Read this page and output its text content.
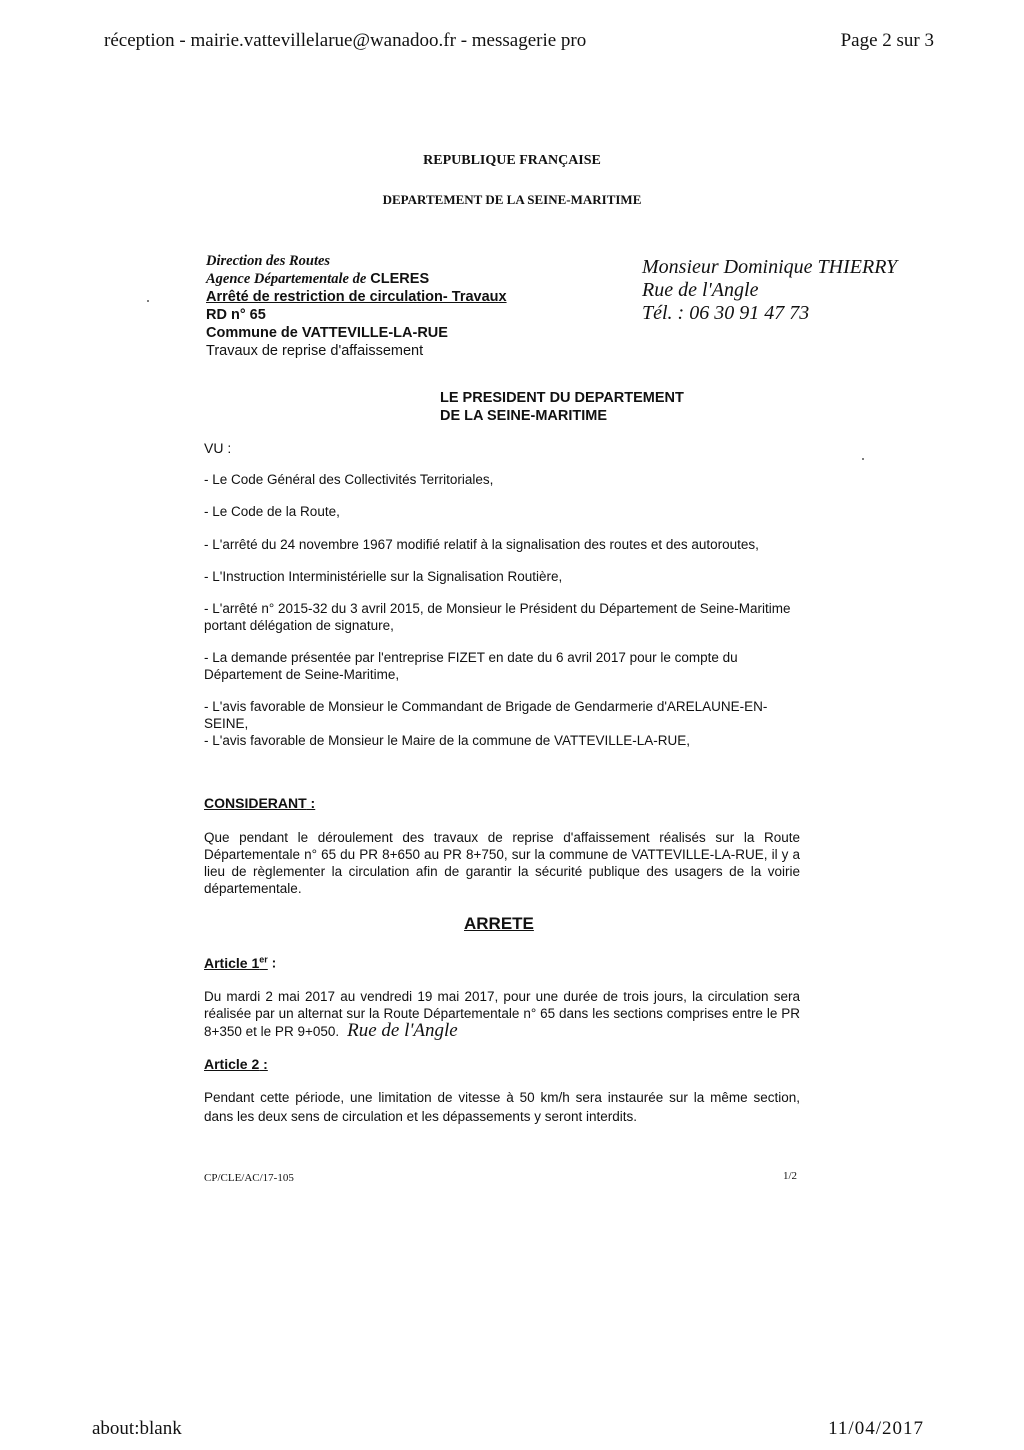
réception - mairie.vattevillelarue@wanadoo.fr - messagerie pro	Page 2 sur 3
REPUBLIQUE FRANÇAISE
DEPARTEMENT DE LA SEINE-MARITIME
Direction des Routes
Agence Départementale de CLERES
Arrêté de restriction de circulation- Travaux
RD n° 65
Commune de VATTEVILLE-LA-RUE
Travaux de reprise d'affaissement
Monsieur Dominique THIERRY
Rue de l'Angle
Tél. : 06 30 91 47 73
LE PRESIDENT DU DEPARTEMENT
DE LA SEINE-MARITIME
VU :

- Le Code Général des Collectivités Territoriales,

- Le Code de la Route,

- L'arrêté du 24 novembre 1967 modifié relatif à la signalisation des routes et des autoroutes,

- L'Instruction Interministérielle sur la Signalisation Routière,

- L'arrêté n° 2015-32 du 3 avril 2015, de Monsieur le Président du Département de Seine-Maritime portant délégation de signature,

- La demande présentée par l'entreprise FIZET en date du 6 avril 2017 pour le compte du Département de Seine-Maritime,

- L'avis favorable de Monsieur le Commandant de Brigade de Gendarmerie d'ARELAUNE-EN-SEINE,

- L'avis favorable de Monsieur le Maire de la commune de VATTEVILLE-LA-RUE,

CONSIDERANT :
Que pendant le déroulement des travaux de reprise d'affaissement réalisés sur la Route Départementale n° 65 du PR 8+650 au PR 8+750, sur la commune de VATTEVILLE-LA-RUE, il y a lieu de règlementer la circulation afin de garantir la sécurité publique des usagers de la voirie départementale.
ARRETE
Article 1er :
Du mardi 2 mai 2017 au vendredi 19 mai 2017, pour une durée de trois jours, la circulation sera réalisée par un alternat sur la Route Départementale n° 65 dans les sections comprises entre le PR 8+350 et le PR 9+050. Rue de l'Angle
Article 2 :
Pendant cette période, une limitation de vitesse à 50 km/h sera instaurée sur la même section, dans les deux sens de circulation et les dépassements y seront interdits.
CP/CLE/AC/17-105	1/2
about:blank	11/04/2017
